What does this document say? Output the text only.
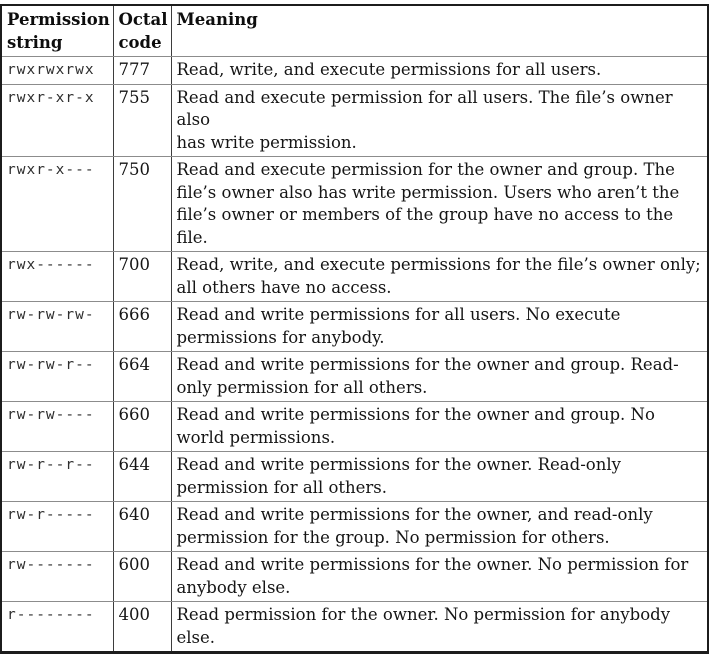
Permission string	Octal code	Meaning
rwxrwxrwx	777	Read, write, and execute permissions for all users.
rwxr-xr-x	755	Read and execute permission for all users. The file’s owner also
has write permission.
rwxr-x---	750	Read and execute permission for the owner and group. The
file’s owner also has write permission. Users who aren’t the
file’s owner or members of the group have no access to the file.
rwx------	700	Read, write, and execute permissions for the file’s owner only;
all others have no access.
rw-rw-rw-	666	Read and write permissions for all users. No execute
permissions for anybody.
rw-rw-r--	664	Read and write permissions for the owner and group. Read-
only permission for all others.
rw-rw----	660	Read and write permissions for the owner and group. No
world permissions.
rw-r--r--	644	Read and write permissions for the owner. Read-only
permission for all others.
rw-r-----	640	Read and write permissions for the owner, and read-only
permission for the group. No permission for others.
rw-------	600	Read and write permissions for the owner. No permission for
anybody else.
r--------	400	Read permission for the owner. No permission for anybody
else.
